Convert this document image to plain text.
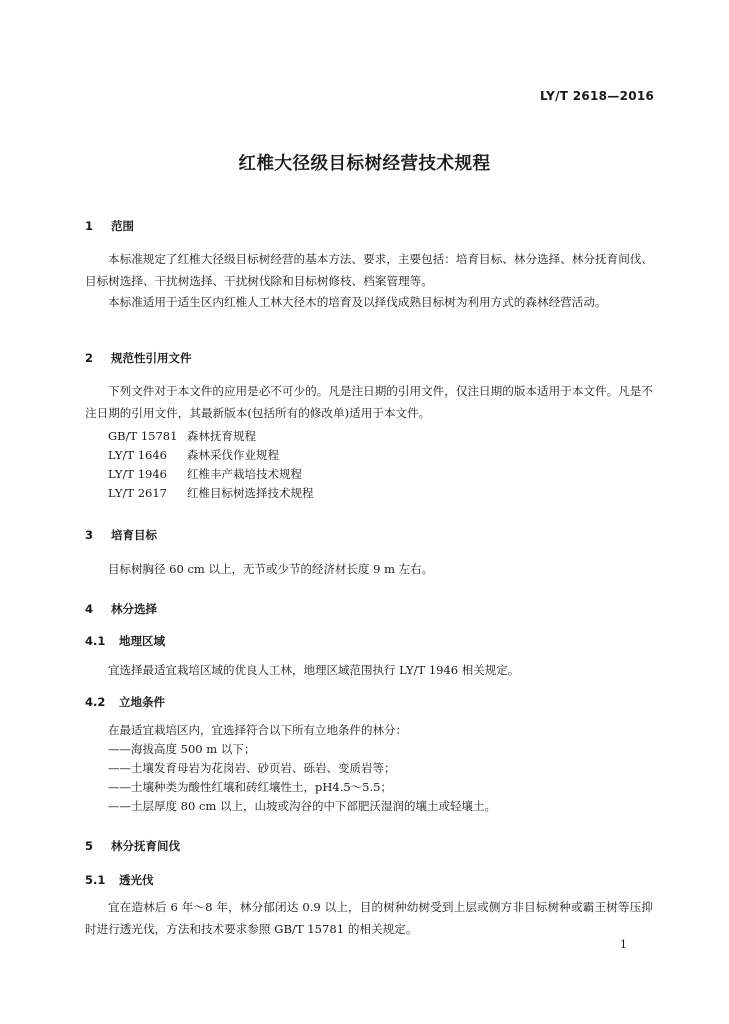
LY/T 2618—2016
红椎大径级目标树经营技术规程
1 范围
本标准规定了红椎大径级目标树经营的基本方法、要求，主要包括：培育目标、林分选择、林分抚育间伐、目标树选择、干扰树选择、干扰树伐除和目标树修枝、档案管理等。
本标准适用于适生区内红椎人工林大径木的培育及以择伐成熟目标树为利用方式的森林经营活动。
2 规范性引用文件
下列文件对于本文件的应用是必不可少的。凡是注日期的引用文件，仅注日期的版本适用于本文件。凡是不注日期的引用文件，其最新版本(包括所有的修改单)适用于本文件。
GB/T 15781 森林抚育规程
LY/T 1646 森林采伐作业规程
LY/T 1946 红椎丰产栽培技术规程
LY/T 2617 红椎目标树选择技术规程
3 培育目标
目标树胸径 60 cm 以上，无节或少节的经济材长度 9 m 左右。
4 林分选择
4.1 地理区域
宜选择最适宜栽培区域的优良人工林，地理区域范围执行 LY/T 1946 相关规定。
4.2 立地条件
在最适宜栽培区内，宜选择符合以下所有立地条件的林分：
——海拔高度 500 m 以下；
——土壤发育母岩为花岗岩、砂页岩、砾岩、变质岩等；
——土壤种类为酸性红壤和砖红壤性土，pH4.5～5.5；
——土层厚度 80 cm 以上，山坡或沟谷的中下部肥沃湿润的壤土或轻壤土。
5 林分抚育间伐
5.1 透光伐
宜在造林后 6 年～8 年，林分郁闭达 0.9 以上，目的树种幼树受到上层或侧方非目标树种或霸王树等压抑时进行透光伐，方法和技术要求参照 GB/T 15781 的相关规定。
1
